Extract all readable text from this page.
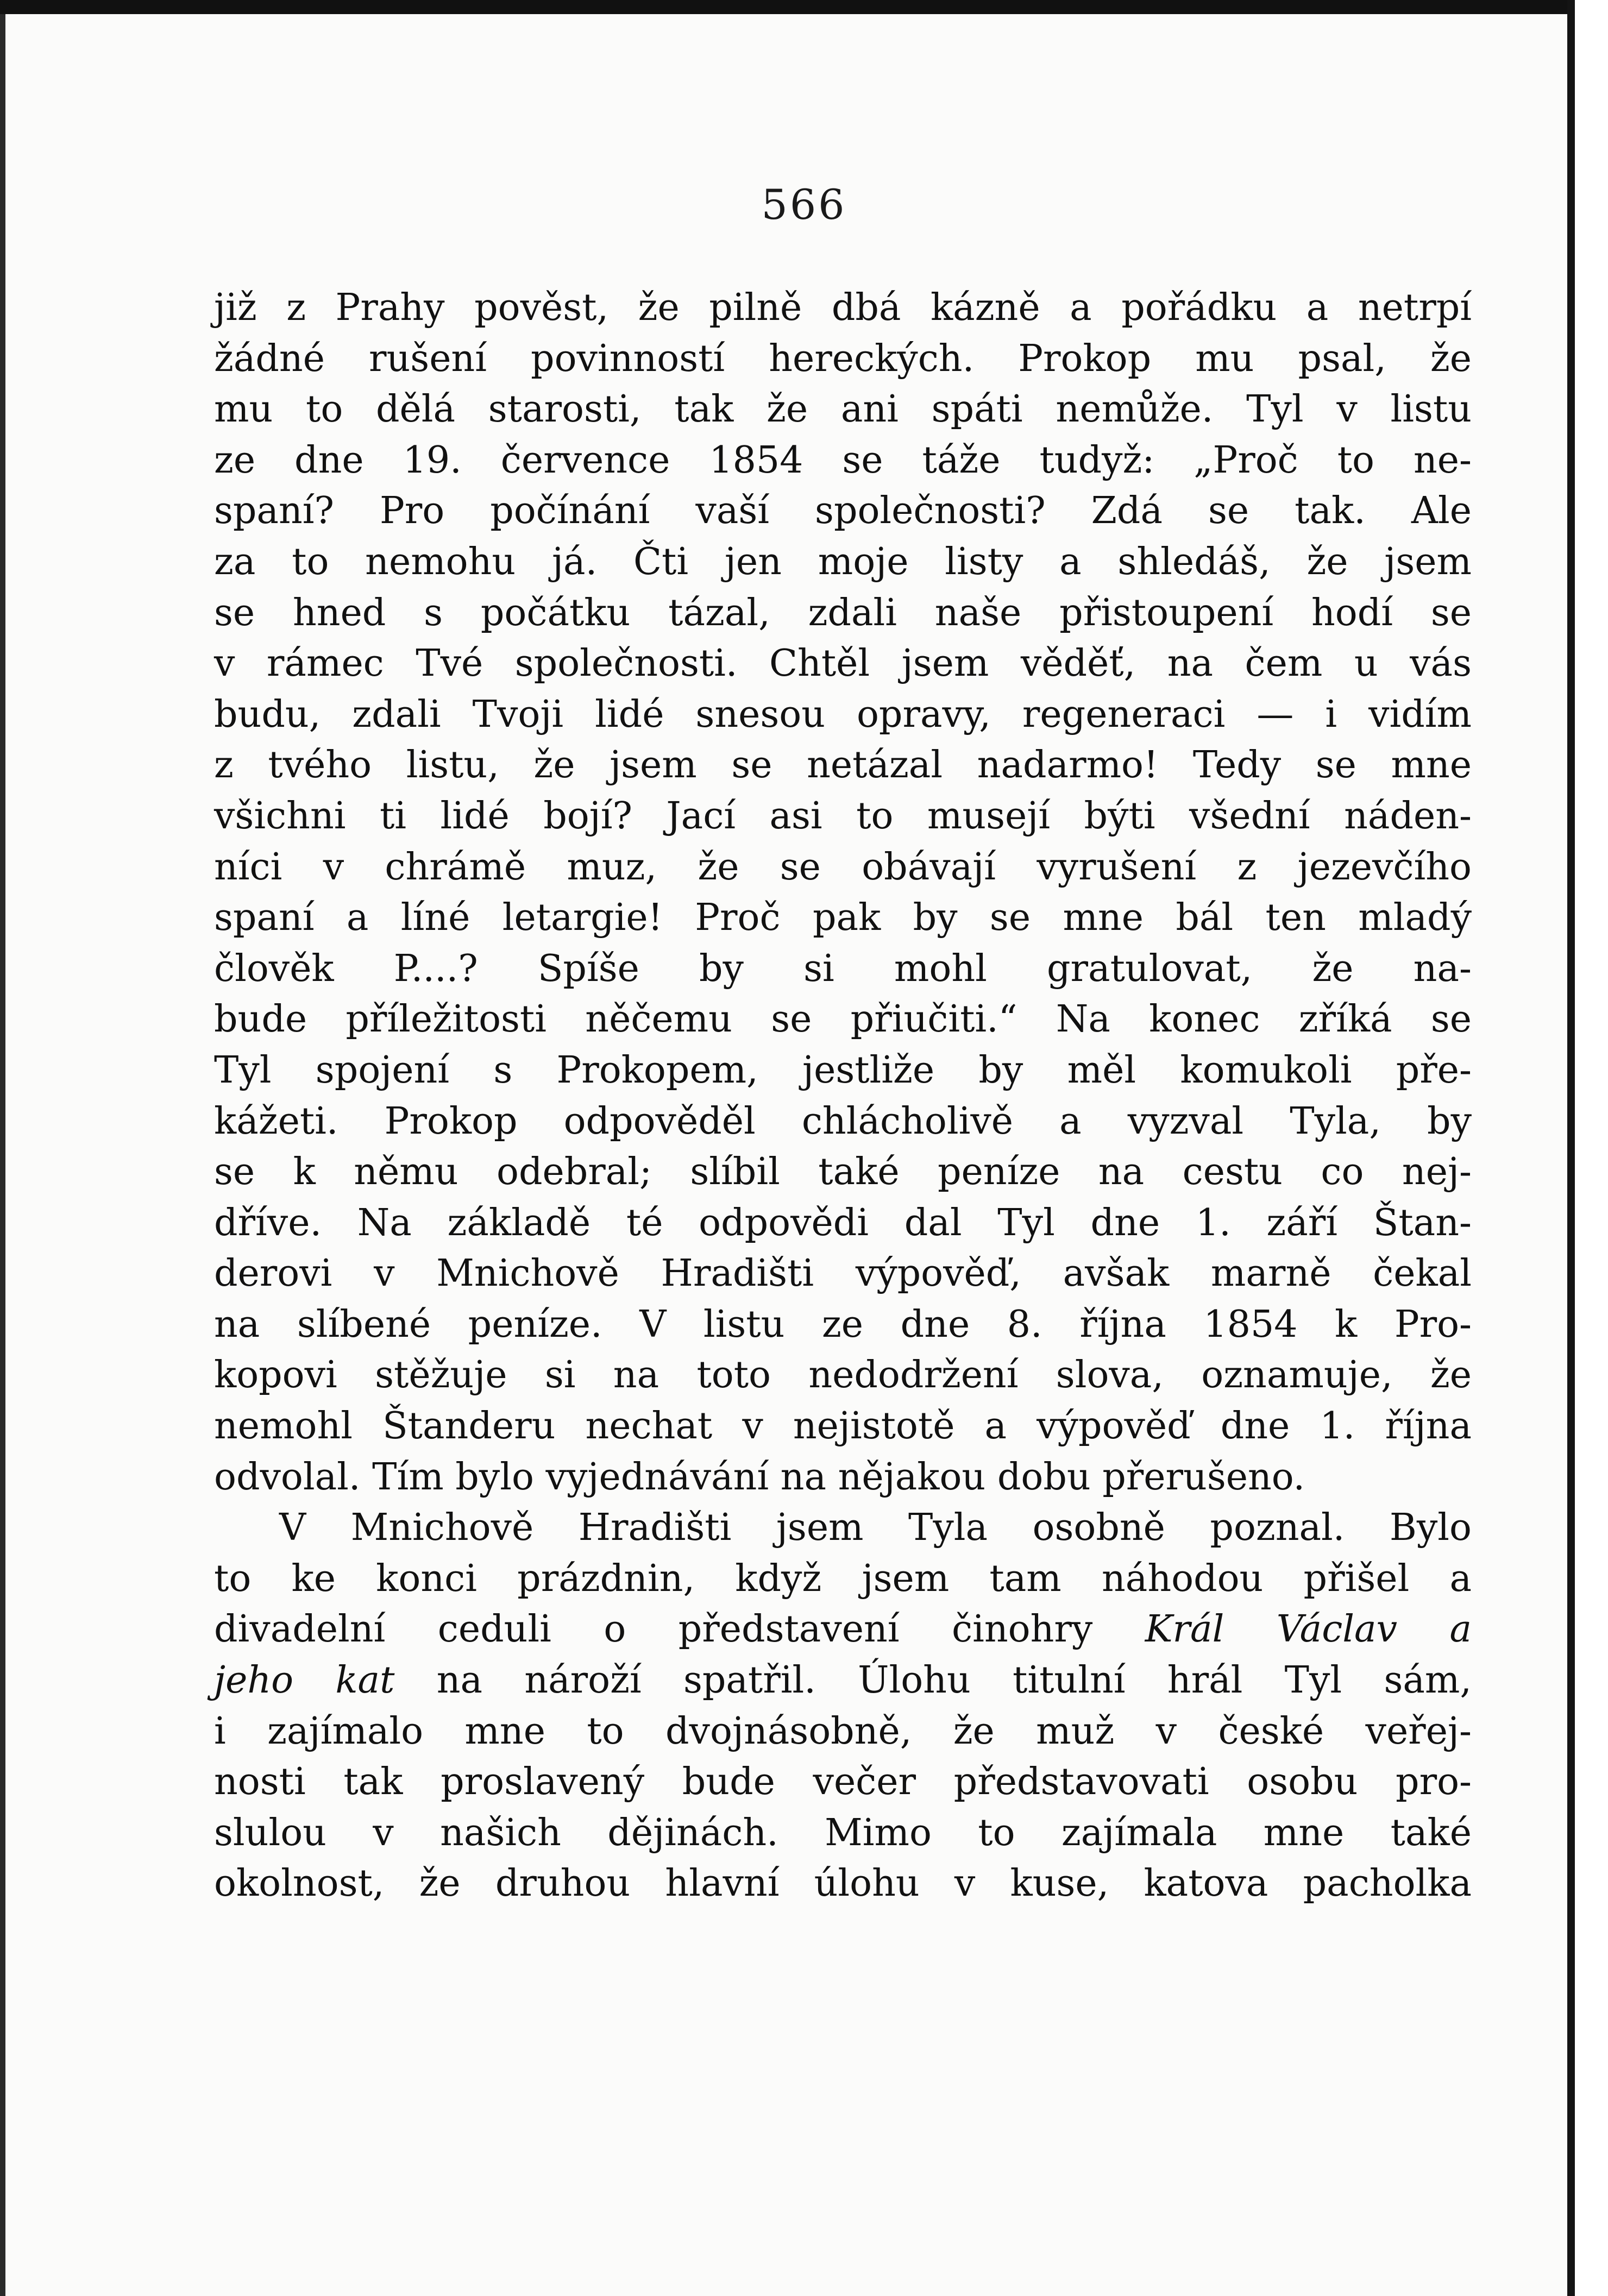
566
již z Prahy pověst, že pilně dbá kázně a pořádku a netrpí
žádné rušení povinností hereckých. Prokop mu psal, že
mu to dělá starosti, tak že ani spáti nemůže. Tyl v listu
ze dne 19. července 1854 se táže tudyž: „Proč to ne-
spaní? Pro počínání vaší společnosti? Zdá se tak. Ale
za to nemohu já. Čti jen moje listy a shledáš, že jsem
se hned s počátku tázal, zdali naše přistoupení hodí se
v rámec Tvé společnosti. Chtěl jsem věděť, na čem u vás
budu, zdali Tvoji lidé snesou opravy, regeneraci — i vidím
z tvého listu, že jsem se netázal nadarmo! Tedy se mne
všichni ti lidé bojí? Jací asi to musejí býti všední náden-
níci v chrámě muz, že se obávají vyrušení z jezevčího
spaní a líné letargie! Proč pak by se mne bál ten mladý
člověk P....? Spíše by si mohl gratulovat, že na-
bude příležitosti něčemu se přiučiti.“ Na konec zříká se
Tyl spojení s Prokopem, jestliže by měl komukoli pře-
kážeti. Prokop odpověděl chlácholivě a vyzval Tyla, by
se k němu odebral; slíbil také peníze na cestu co nej-
dříve. Na základě té odpovědi dal Tyl dne 1. září Štan-
derovi v Mnichově Hradišti výpověď, avšak marně čekal
na slíbené peníze. V listu ze dne 8. října 1854 k Pro-
kopovi stěžuje si na toto nedodržení slova, oznamuje, že
nemohl Štanderu nechat v nejistotě a výpověď dne 1. října
odvolal. Tím bylo vyjednávání na nějakou dobu přerušeno.
V Mnichově Hradišti jsem Tyla osobně poznal. Bylo
to ke konci prázdnin, když jsem tam náhodou přišel a
divadelní ceduli o představení činohry Král Václav a
jeho kat na nároží spatřil. Úlohu titulní hrál Tyl sám,
i zajímalo mne to dvojnásobně, že muž v české veřej-
nosti tak proslavený bude večer představovati osobu pro-
slulou v našich dějinách. Mimo to zajímala mne také
okolnost, že druhou hlavní úlohu v kuse, katova pacholka
